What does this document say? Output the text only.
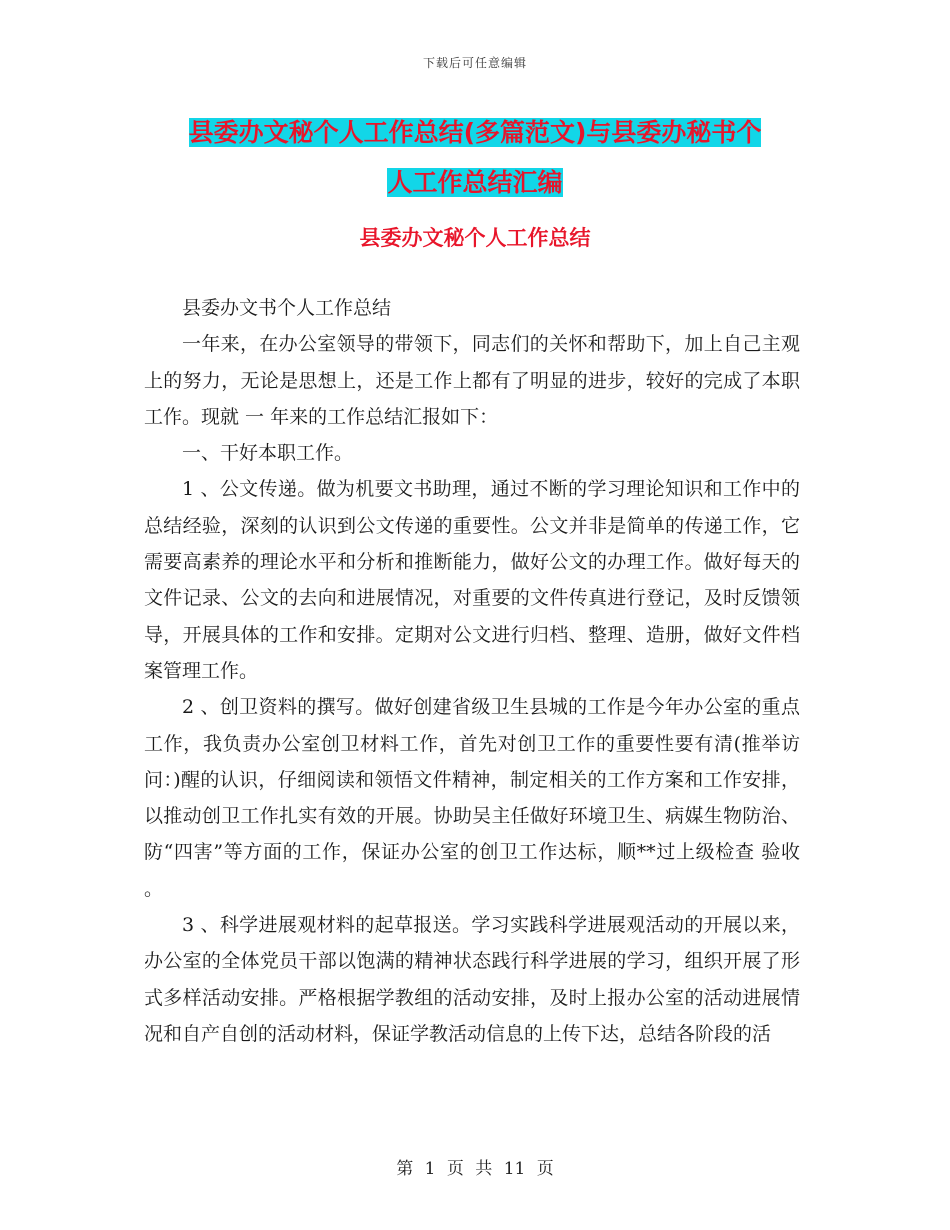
下载后可任意编辑
县委办文秘个人工作总结(多篇范文)与县委办秘书个
人工作总结汇编
县委办文秘个人工作总结

县委办文书个人工作总结

一年来，在办公室领导的带领下，同志们的关怀和帮助下，加上自己主观上的努力，无论是思想上，还是工作上都有了明显的进步，较好的完成了本职工作。现就 一 年来的工作总结汇报如下：

一、干好本职工作。

1 、公文传递。做为机要文书助理，通过不断的学习理论知识和工作中的总结经验，深刻的认识到公文传递的重要性。公文并非是简单的传递工作，它需要高素养的理论水平和分析和推断能力，做好公文的办理工作。做好每天的文件记录、公文的去向和进展情况，对重要的文件传真进行登记，及时反馈领导，开展具体的工作和安排。定期对公文进行归档、整理、造册，做好文件档案管理工作。

2 、创卫资料的撰写。做好创建省级卫生县城的工作是今年办公室的重点工作，我负责办公室创卫材料工作，首先对创卫工作的重要性要有清(推举访问：)醒的认识，仔细阅读和领悟文件精神，制定相关的工作方案和工作安排，以推动创卫工作扎实有效的开展。协助吴主任做好环境卫生、病媒生物防治、防“四害”等方面的工作，保证办公室的创卫工作达标，顺**过上级检查 验收 。

3 、科学进展观材料的起草报送。学习实践科学进展观活动的开展以来，办公室的全体党员干部以饱满的精神状态践行科学进展的学习，组织开展了形式多样活动安排。严格根据学教组的活动安排，及时上报办公室的活动进展情况和自产自创的活动材料，保证学教活动信息的上传下达，总结各阶段的活

第 1 页 共 11 页
